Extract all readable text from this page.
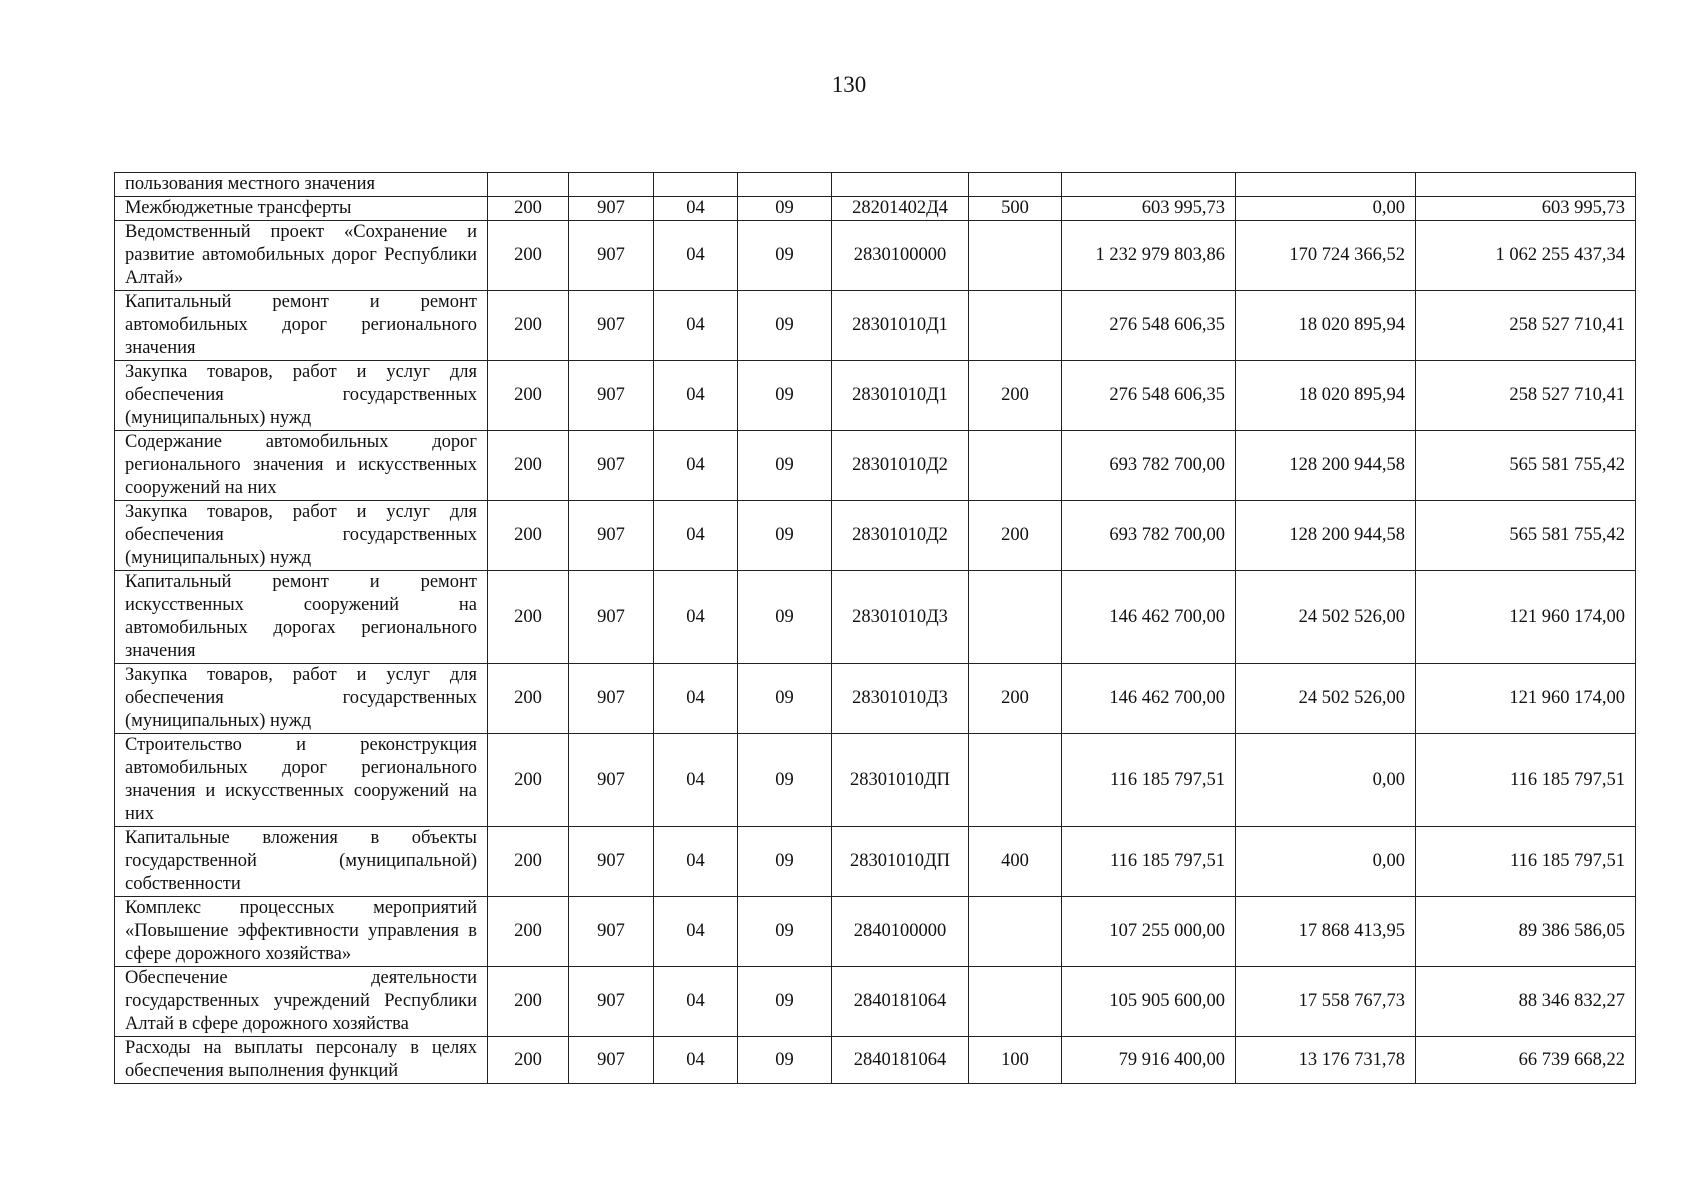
130
пользования местного значения									
Межбюджетные трансферты	200	907	04	09	28201402Д4	500	603 995,73	0,00	603 995,73
Ведомственный проект «Сохранение и развитие автомобильных дорог Республики Алтай»	200	907	04	09	2830100000		1 232 979 803,86	170 724 366,52	1 062 255 437,34
Капитальный ремонт и ремонт автомобильных дорог регионального значения	200	907	04	09	28301010Д1		276 548 606,35	18 020 895,94	258 527 710,41
Закупка товаров, работ и услуг для обеспечения государственных (муниципальных) нужд	200	907	04	09	28301010Д1	200	276 548 606,35	18 020 895,94	258 527 710,41
Содержание автомобильных дорог регионального значения и искусственных сооружений на них	200	907	04	09	28301010Д2		693 782 700,00	128 200 944,58	565 581 755,42
Закупка товаров, работ и услуг для обеспечения государственных (муниципальных) нужд	200	907	04	09	28301010Д2	200	693 782 700,00	128 200 944,58	565 581 755,42
Капитальный ремонт и ремонт искусственных сооружений на автомобильных дорогах регионального значения	200	907	04	09	28301010Д3		146 462 700,00	24 502 526,00	121 960 174,00
Закупка товаров, работ и услуг для обеспечения государственных (муниципальных) нужд	200	907	04	09	28301010Д3	200	146 462 700,00	24 502 526,00	121 960 174,00
Строительство и реконструкция автомобильных дорог регионального значения и искусственных сооружений на них	200	907	04	09	28301010ДП		116 185 797,51	0,00	116 185 797,51
Капитальные вложения в объекты государственной (муниципальной) собственности	200	907	04	09	28301010ДП	400	116 185 797,51	0,00	116 185 797,51
Комплекс процессных мероприятий «Повышение эффективности управления в сфере дорожного хозяйства»	200	907	04	09	2840100000		107 255 000,00	17 868 413,95	89 386 586,05
Обеспечение деятельности государственных учреждений Республики Алтай в сфере дорожного хозяйства	200	907	04	09	2840181064		105 905 600,00	17 558 767,73	88 346 832,27
Расходы на выплаты персоналу в целях обеспечения выполнения функций	200	907	04	09	2840181064	100	79 916 400,00	13 176 731,78	66 739 668,22
